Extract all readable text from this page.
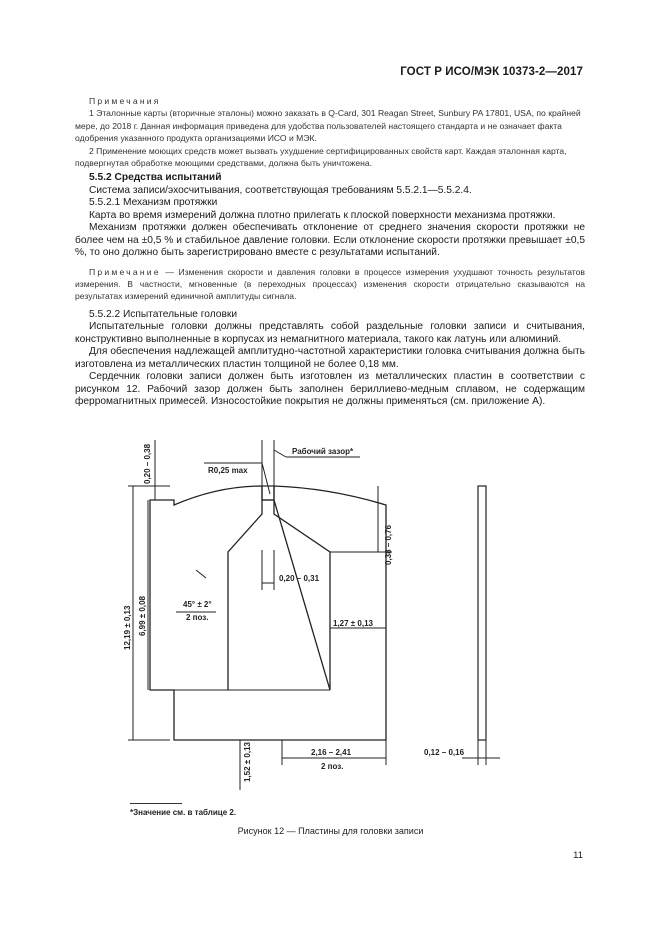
ГОСТ Р ИСО/МЭК 10373-2—2017

Примечания

1 Эталонные карты (вторичные эталоны) можно заказать в Q-Card, 301 Reagan Street, Sunbury PA 17801, USA, по крайней мере, до 2018 г. Данная информация приведена для удобства пользователей настоящего стандарта и не означает факта одобрения указанного продукта организациями ИСО и МЭК.

2 Применение моющих средств может вызвать ухудшение сертифицированных свойств карт. Каждая эталонная карта, подвергнутая обработке моющими средствами, должна быть уничтожена.

5.5.2 Средства испытаний

Система записи/эхосчитывания, соответствующая требованиям 5.5.2.1—5.5.2.4.

5.5.2.1 Механизм протяжки

Карта во время измерений должна плотно прилегать к плоской поверхности механизма протяжки.

Механизм протяжки должен обеспечивать отклонение от среднего значения скорости протяжки не более чем на ±0,5 % и стабильное давление головки. Если отклонение скорости протяжки превышает ±0,5 %, то оно должно быть зарегистрировано вместе с результатами испытаний.

Примечание — Изменения скорости и давления головки в процессе измерения ухудшают точность результатов измерения. В частности, мгновенные (в переходных процессах) изменения скорости отрицательно сказываются на результатах измерений единичной амплитуды сигнала.

5.5.2.2 Испытательные головки

Испытательные головки должны представлять собой раздельные головки записи и считывания, конструктивно выполненные в корпусах из немагнитного материала, такого как латунь или алюминий.

Для обеспечения надлежащей амплитудно-частотной характеристики головка считывания должна быть изготовлена из металлических пластин толщиной не более 0,18 мм.

Сердечник головки записи должен быть изготовлен из металлических пластин в соответствии с рисунком 12. Рабочий зазор должен быть заполнен бериллиево-медным сплавом, не содержащим ферромагнитных примесей. Износостойкие покрытия не должны применяться (см. приложение А).

Рабочий зазор*
R0,25 max
0,20 – 0,38
0,38 – 0,76
0,20 – 0,31
45° ± 2°
2 поз.
12,19 ± 0,13 6,99 ± 0,08	1,27 ± 0,13
1,52 ± 0,13	2,16 – 2,41
2 поз.
0,12 – 0,16
*Значение см. в таблице 2.
Рисунок 12 — Пластины для головки записи
11
